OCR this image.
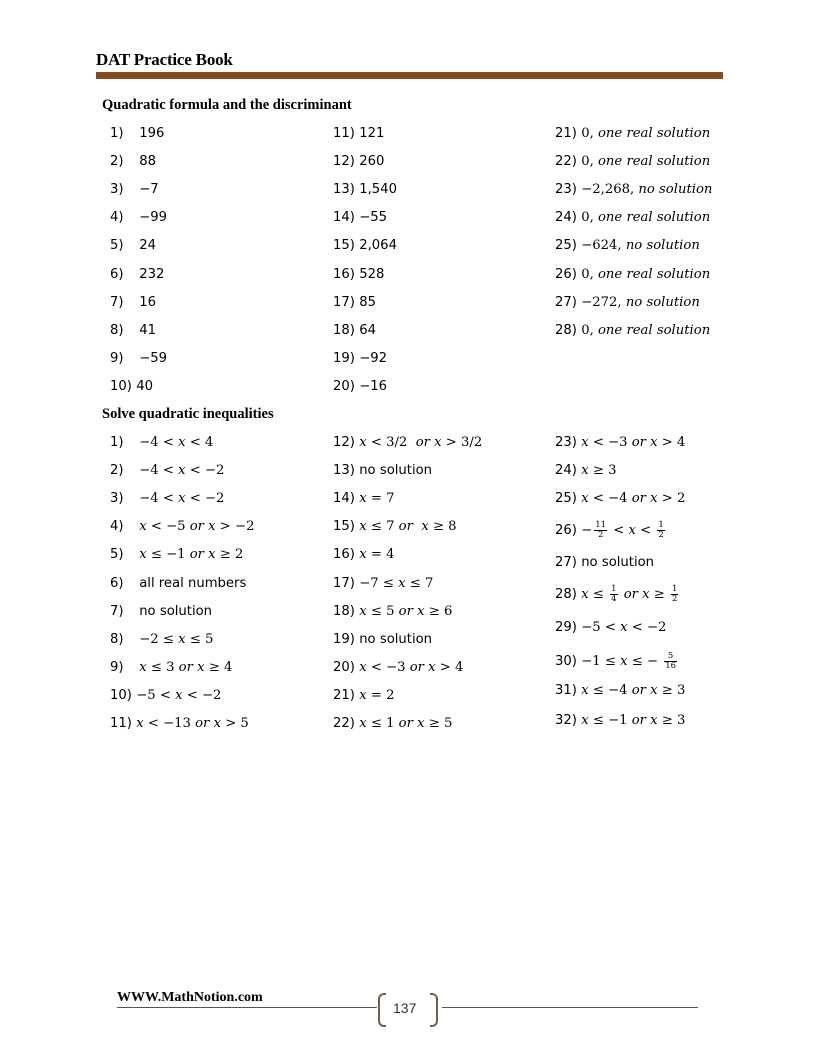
DAT Practice Book
Quadratic formula and the discriminant
Solve quadratic inequalities
1) 196
2) 88
3) −7
4) −99
5) 24
6) 232
7) 16
8) 41
9) −59
10) 40
11) 121
12) 260
13) 1,540
14) −55
15) 2,064
16) 528
17) 85
18) 64
19) −92
20) −16
21) 0, one real solution
22) 0, one real solution
23) −2,268, no solution
24) 0, one real solution
25) −624, no solution
26) 0, one real solution
27) −272, no solution
28) 0, one real solution
1) −4 < x < 4
2) −4 < x < −2
3) −4 < x < −2
4) x < −5 or x > −2
5) x ≤ −1 or x ≥ 2
6) all real numbers
7) no solution
8) −2 ≤ x ≤ 5
9) x ≤ 3 or x ≥ 4
10) −5 < x < −2
11) x < −13 or x > 5
12) x < 3/2  or x > 3/2
13) no solution
14) x = 7
15) x ≤ 7 or x ≥ 8
16) x = 4
17) −7 ≤ x ≤ 7
18) x ≤ 5 or x ≥ 6
19) no solution
20) x < −3 or x > 4
21) x = 2
22) x ≤ 1 or x ≥ 5
23) x < −3 or x > 4
24) x ≥ 3
25) x < −4 or x > 2
$26) - \frac{11}{2} < x < \frac{1}{2}$
27) no solution
28) $x \le \frac{1}{4}$ or $x \ge \frac{1}{2}$
29) −5 < x < −2
30) −1 ≤ x ≤ − $\frac{5}{16}$
31) x ≤ −4 or x ≥ 3
32) x ≤ −1 or x ≥ 3
WWW.MathNotion.com
137
